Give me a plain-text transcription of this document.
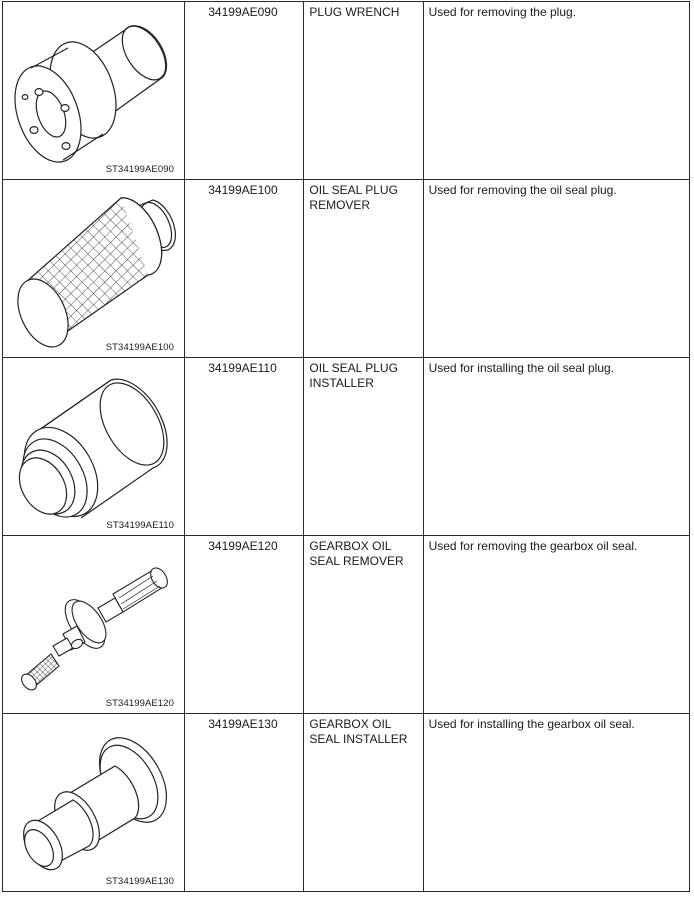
ST34199AE090	34199AE090	PLUG WRENCH	Used for removing the plug.

ST34199AE100	34199AE100	OIL SEAL PLUG REMOVER	Used for removing the oil seal plug.

ST34199AE110	34199AE110	OIL SEAL PLUG INSTALLER	Used for installing the oil seal plug.

ST34199AE120	34199AE120	GEARBOX OIL SEAL REMOVER	Used for removing the gearbox oil seal.

ST34199AE130	34199AE130	GEARBOX OIL SEAL INSTALLER	Used for installing the gearbox oil seal.
